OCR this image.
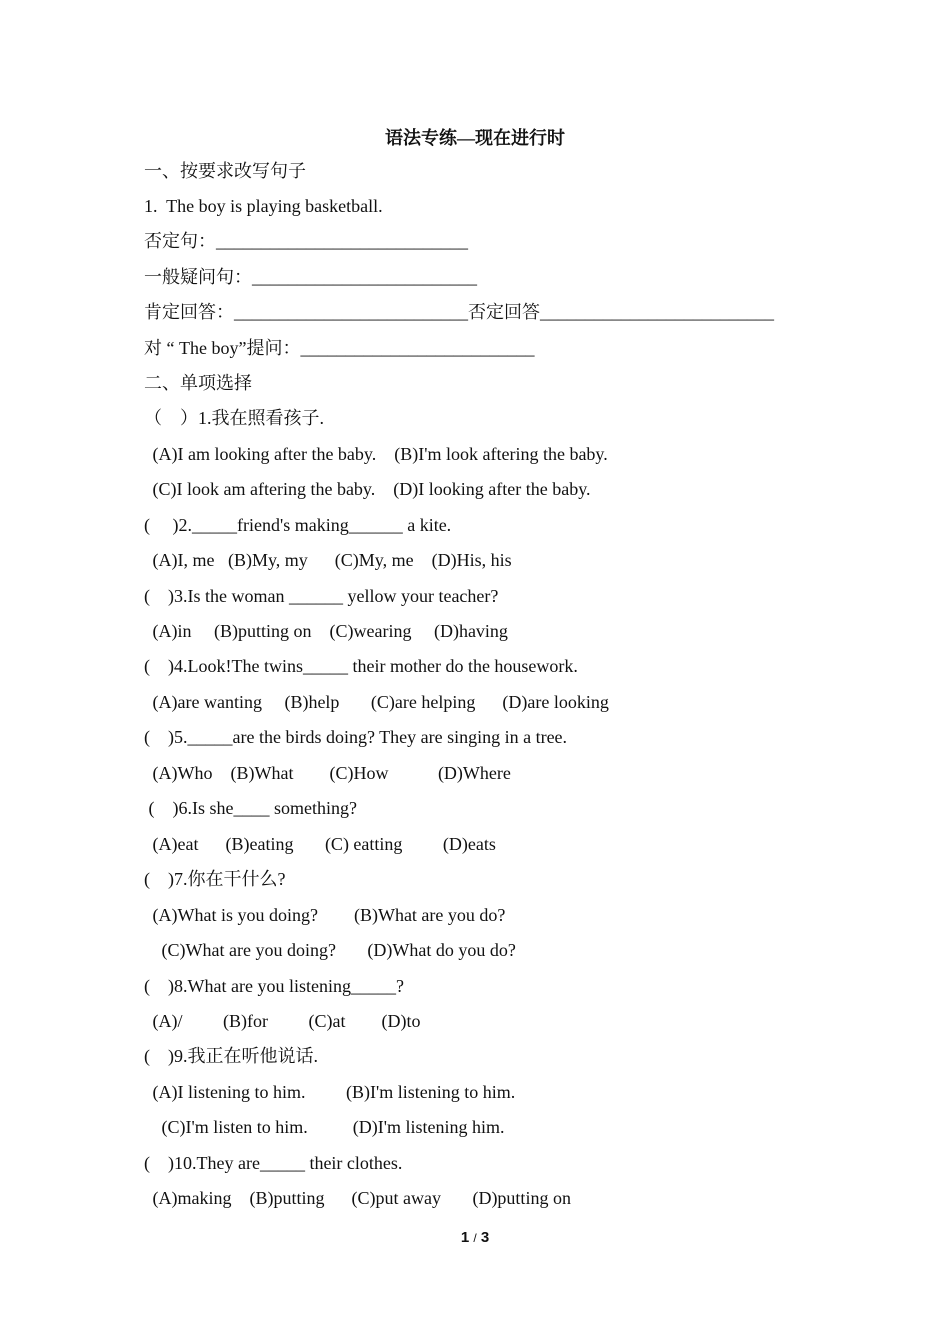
语法专练—现在进行时
一、按要求改写句子
1.  The boy is playing basketball.
否定句：____________________________
一般疑问句：_________________________
肯定回答：__________________________否定回答__________________________
对 “ The boy”提问：__________________________
二、单项选择
（    ）1.我在照看孩子.
(A)I am looking after the baby.    (B)I'm look aftering the baby.
(C)I look am aftering the baby.    (D)I looking after the baby.
(     )2._____friend's making______ a kite.
(A)I, me   (B)My, my      (C)My, me    (D)His, his
(    )3.Is the woman ______ yellow your teacher?
(A)in     (B)putting on    (C)wearing     (D)having
(    )4.Look!The twins_____ their mother do the housework.
(A)are wanting     (B)help       (C)are helping      (D)are looking
(    )5._____are the birds doing? They are singing in a tree.
(A)Who    (B)What        (C)How           (D)Where
(    )6.Is she____ something?
(A)eat      (B)eating       (C) eatting         (D)eats
(    )7.你在干什么?
(A)What is you doing?        (B)What are you do?
(C)What are you doing?       (D)What do you do?
(    )8.What are you listening_____?
(A)/         (B)for         (C)at        (D)to
(    )9.我正在听他说话.
(A)I listening to him.         (B)I'm listening to him.
(C)I'm listen to him.          (D)I'm listening him.
(    )10.They are_____ their clothes.
(A)making    (B)putting      (C)put away       (D)putting on
1 / 3
